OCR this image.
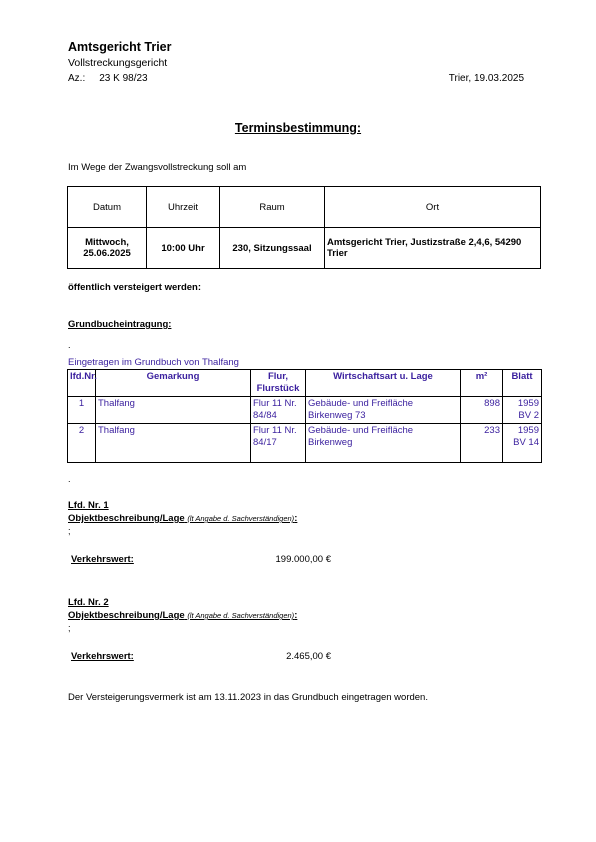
Amtsgericht Trier
Vollstreckungsgericht
Az.: 23 K 98/23	Trier, 19.03.2025
Terminsbestimmung:
Im Wege der Zwangsvollstreckung soll am
Datum	Uhrzeit	Raum	Ort
Mittwoch, 25.06.2025	10:00 Uhr	230, Sitzungssaal	Amtsgericht Trier, Justizstraße 2,4,6, 54290 Trier
öffentlich versteigert werden:
Grundbucheintragung:
.
Eingetragen im Grundbuch von Thalfang
lfd.Nr.	Gemarkung	Flur, Flurstück	Wirtschaftsart u. Lage	m²	Blatt
1	Thalfang	Flur 11 Nr. 84/84	Gebäude- und Freifläche Birkenweg 73	898	1959 BV 2
2	Thalfang	Flur 11 Nr. 84/17	Gebäude- und Freifläche Birkenweg	233	1959 BV 14
.
Lfd. Nr. 1
Objektbeschreibung/Lage (lt Angabe d. Sachverständigen):
;
Verkehrswert:	199.000,00 €
Lfd. Nr. 2
Objektbeschreibung/Lage (lt Angabe d. Sachverständigen):
;
Verkehrswert:	2.465,00 €
Der Versteigerungsvermerk ist am 13.11.2023 in das Grundbuch eingetragen worden.
